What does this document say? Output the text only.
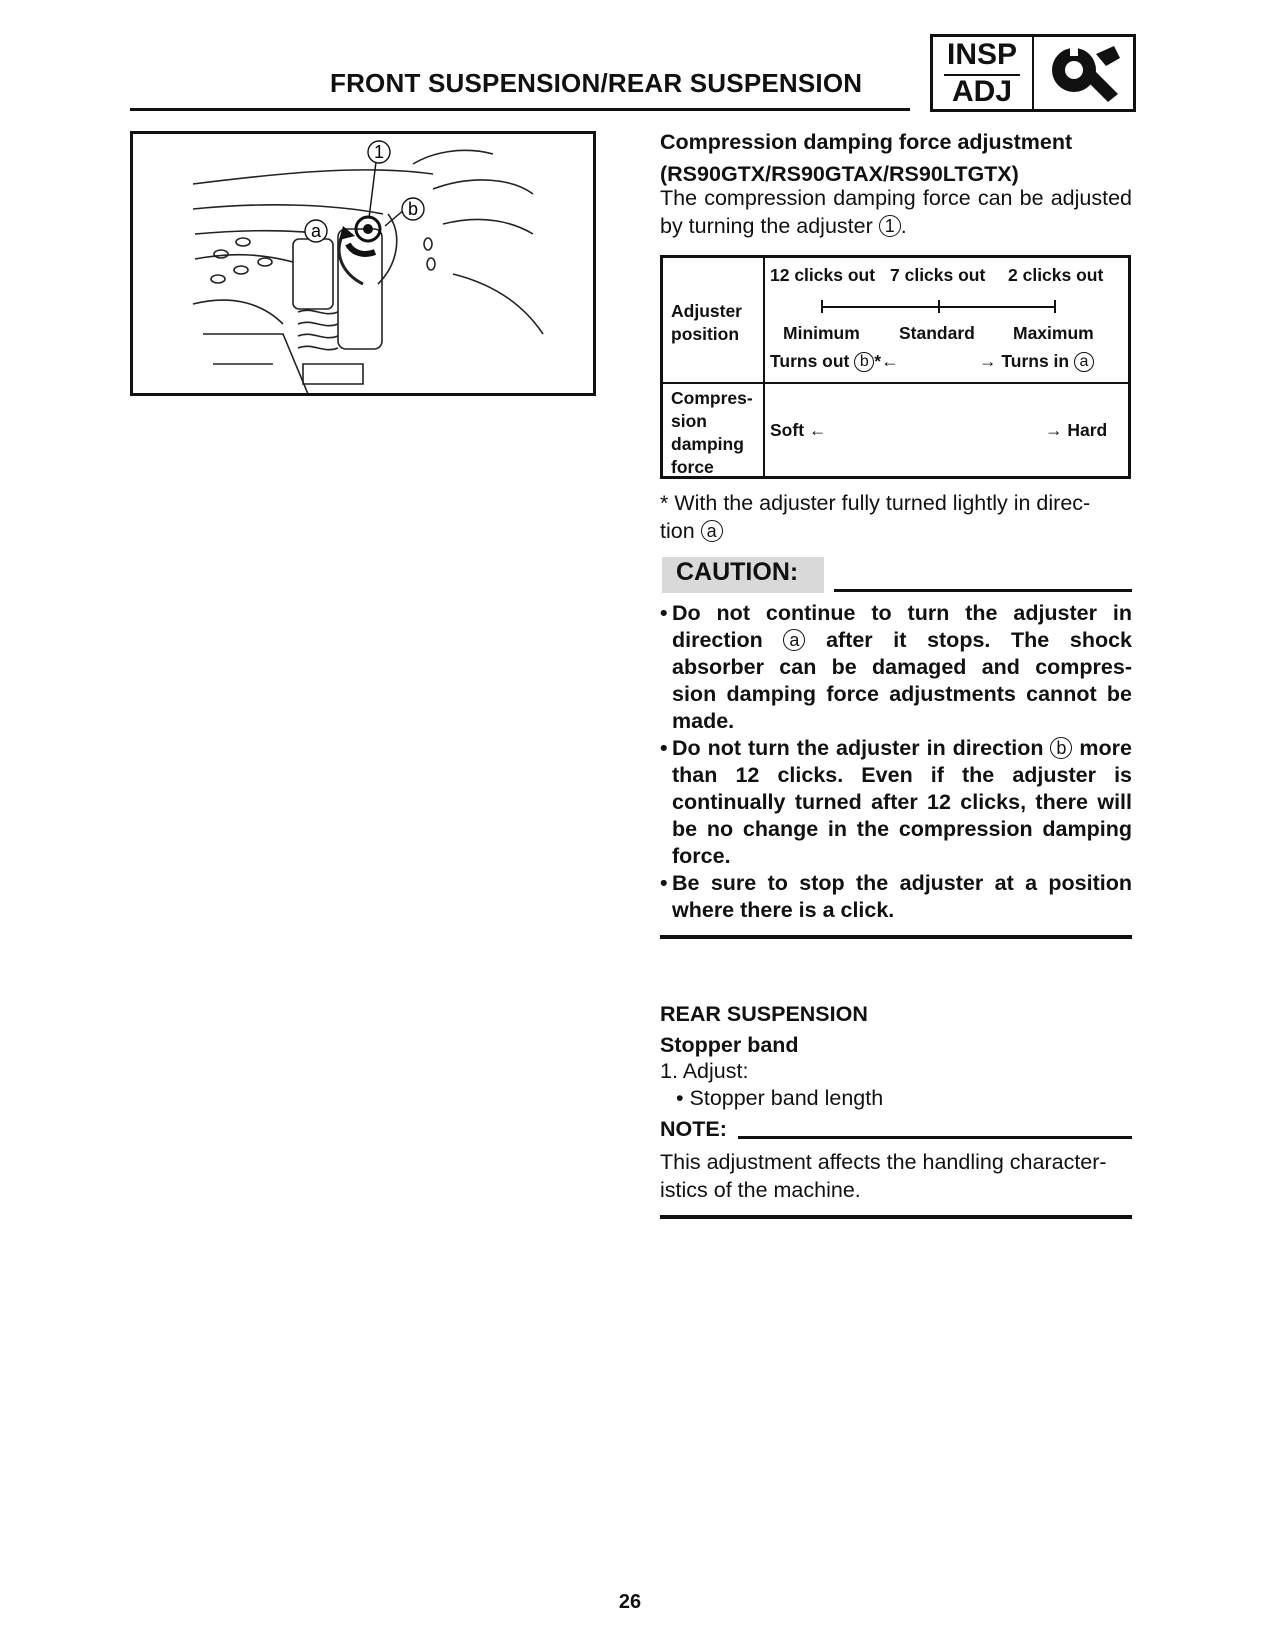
FRONT SUSPENSION/REAR SUSPENSION
INSP
ADJ
1
a
b
Compression damping force adjustment
(RS90GTX/RS90GTAX/RS90LTGTX)
The compression damping force can be adjusted by turning the adjuster 1 .
Adjuster position
Compres- sion damping force
12 clicks out 7 clicks out 2 clicks out
Minimum Standard Maximum
Turns out b *←	→ Turns in a
Soft ←	→ Hard
* With the adjuster fully turned lightly in direc-
tion a
CAUTION:
• Do not continue to turn the adjuster in direction a after it stops. The shock absorber can be damaged and compres- sion damping force adjustments cannot be made.
• Do not turn the adjuster in direction b more than 12 clicks. Even if the adjuster is continually turned after 12 clicks, there will be no change in the compression damping force.
• Be sure to stop the adjuster at a position where there is a click.
REAR SUSPENSION
Stopper band
1. Adjust:
• Stopper band length
NOTE:
This adjustment affects the handling character-
istics of the machine.
26
